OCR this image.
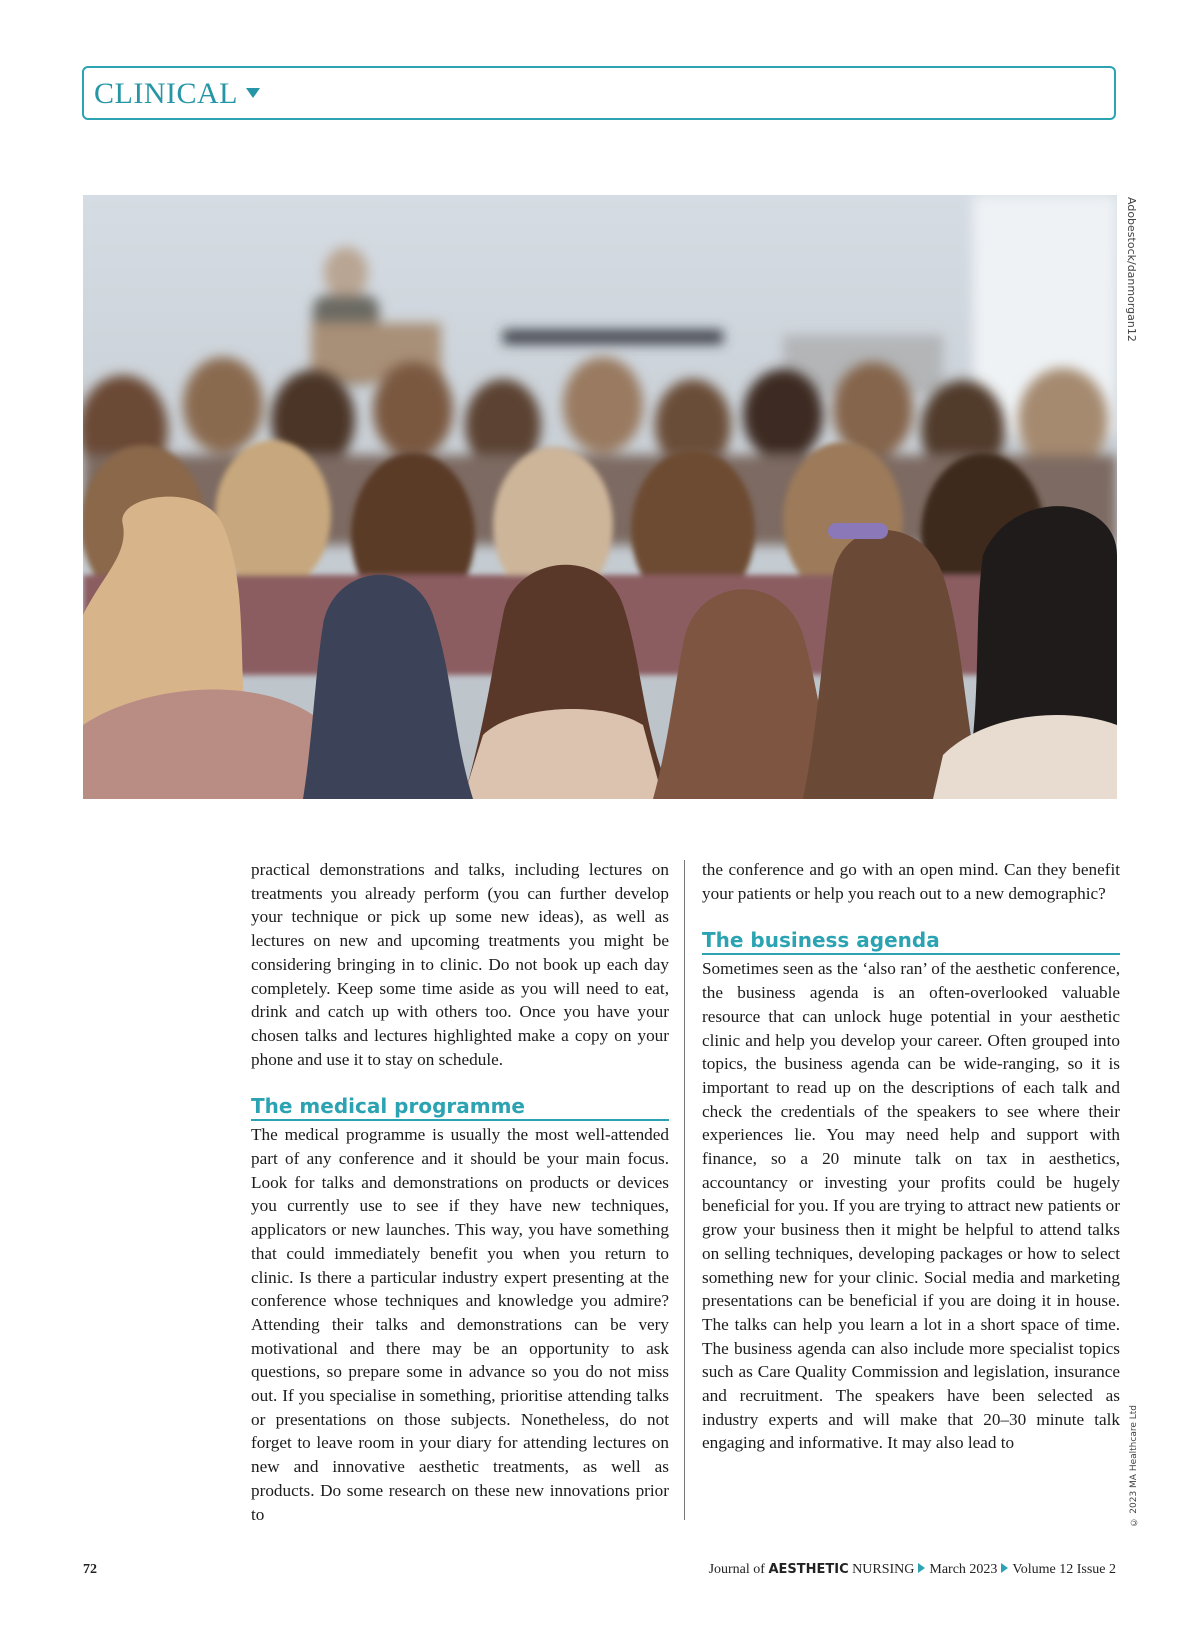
CLINICAL
Adobestock/danmorgan12
© 2023 MA Healthcare Ltd

practical demonstrations and talks, including lectures on treatments you already perform (you can further develop your technique or pick up some new ideas), as well as lectures on new and upcoming treatments you might be considering bringing in to clinic. Do not book up each day completely. Keep some time aside as you will need to eat, drink and catch up with others too. Once you have your chosen talks and lectures highlighted make a copy on your phone and use it to stay on schedule.

The medical programme

The medical programme is usually the most well-attended part of any conference and it should be your main focus. Look for talks and demonstrations on products or devices you currently use to see if they have new techniques, applicators or new launches. This way, you have something that could immediately benefit you when you return to clinic. Is there a particular industry expert presenting at the conference whose techniques and knowledge you admire? Attending their talks and demonstrations can be very motivational and there may be an opportunity to ask questions, so prepare some in advance so you do not miss out. If you specialise in something, prioritise attending talks or presentations on those subjects. Nonetheless, do not forget to leave room in your diary for attending lectures on new and innovative aesthetic treatments, as well as products. Do some research on these new innovations prior to

the conference and go with an open mind. Can they benefit your patients or help you reach out to a new demographic?

The business agenda

Sometimes seen as the ‘also ran’ of the aesthetic conference, the business agenda is an often-overlooked valuable resource that can unlock huge potential in your aesthetic clinic and help you develop your career. Often grouped into topics, the business agenda can be wide-ranging, so it is important to read up on the descriptions of each talk and check the credentials of the speakers to see where their experiences lie. You may need help and support with finance, so a 20 minute talk on tax in aesthetics, accountancy or investing your profits could be hugely beneficial for you. If you are trying to attract new patients or grow your business then it might be helpful to attend talks on selling techniques, developing packages or how to select something new for your clinic. Social media and marketing presentations can be beneficial if you are doing it in house. The talks can help you learn a lot in a short space of time. The business agenda can also include more specialist topics such as Care Quality Commission and legislation, insurance and recruitment. The speakers have been selected as industry experts and will make that 20–30 minute talk engaging and informative. It may also lead to

72	Journal of AESTHETIC NURSING March 2023 Volume 12 Issue 2
